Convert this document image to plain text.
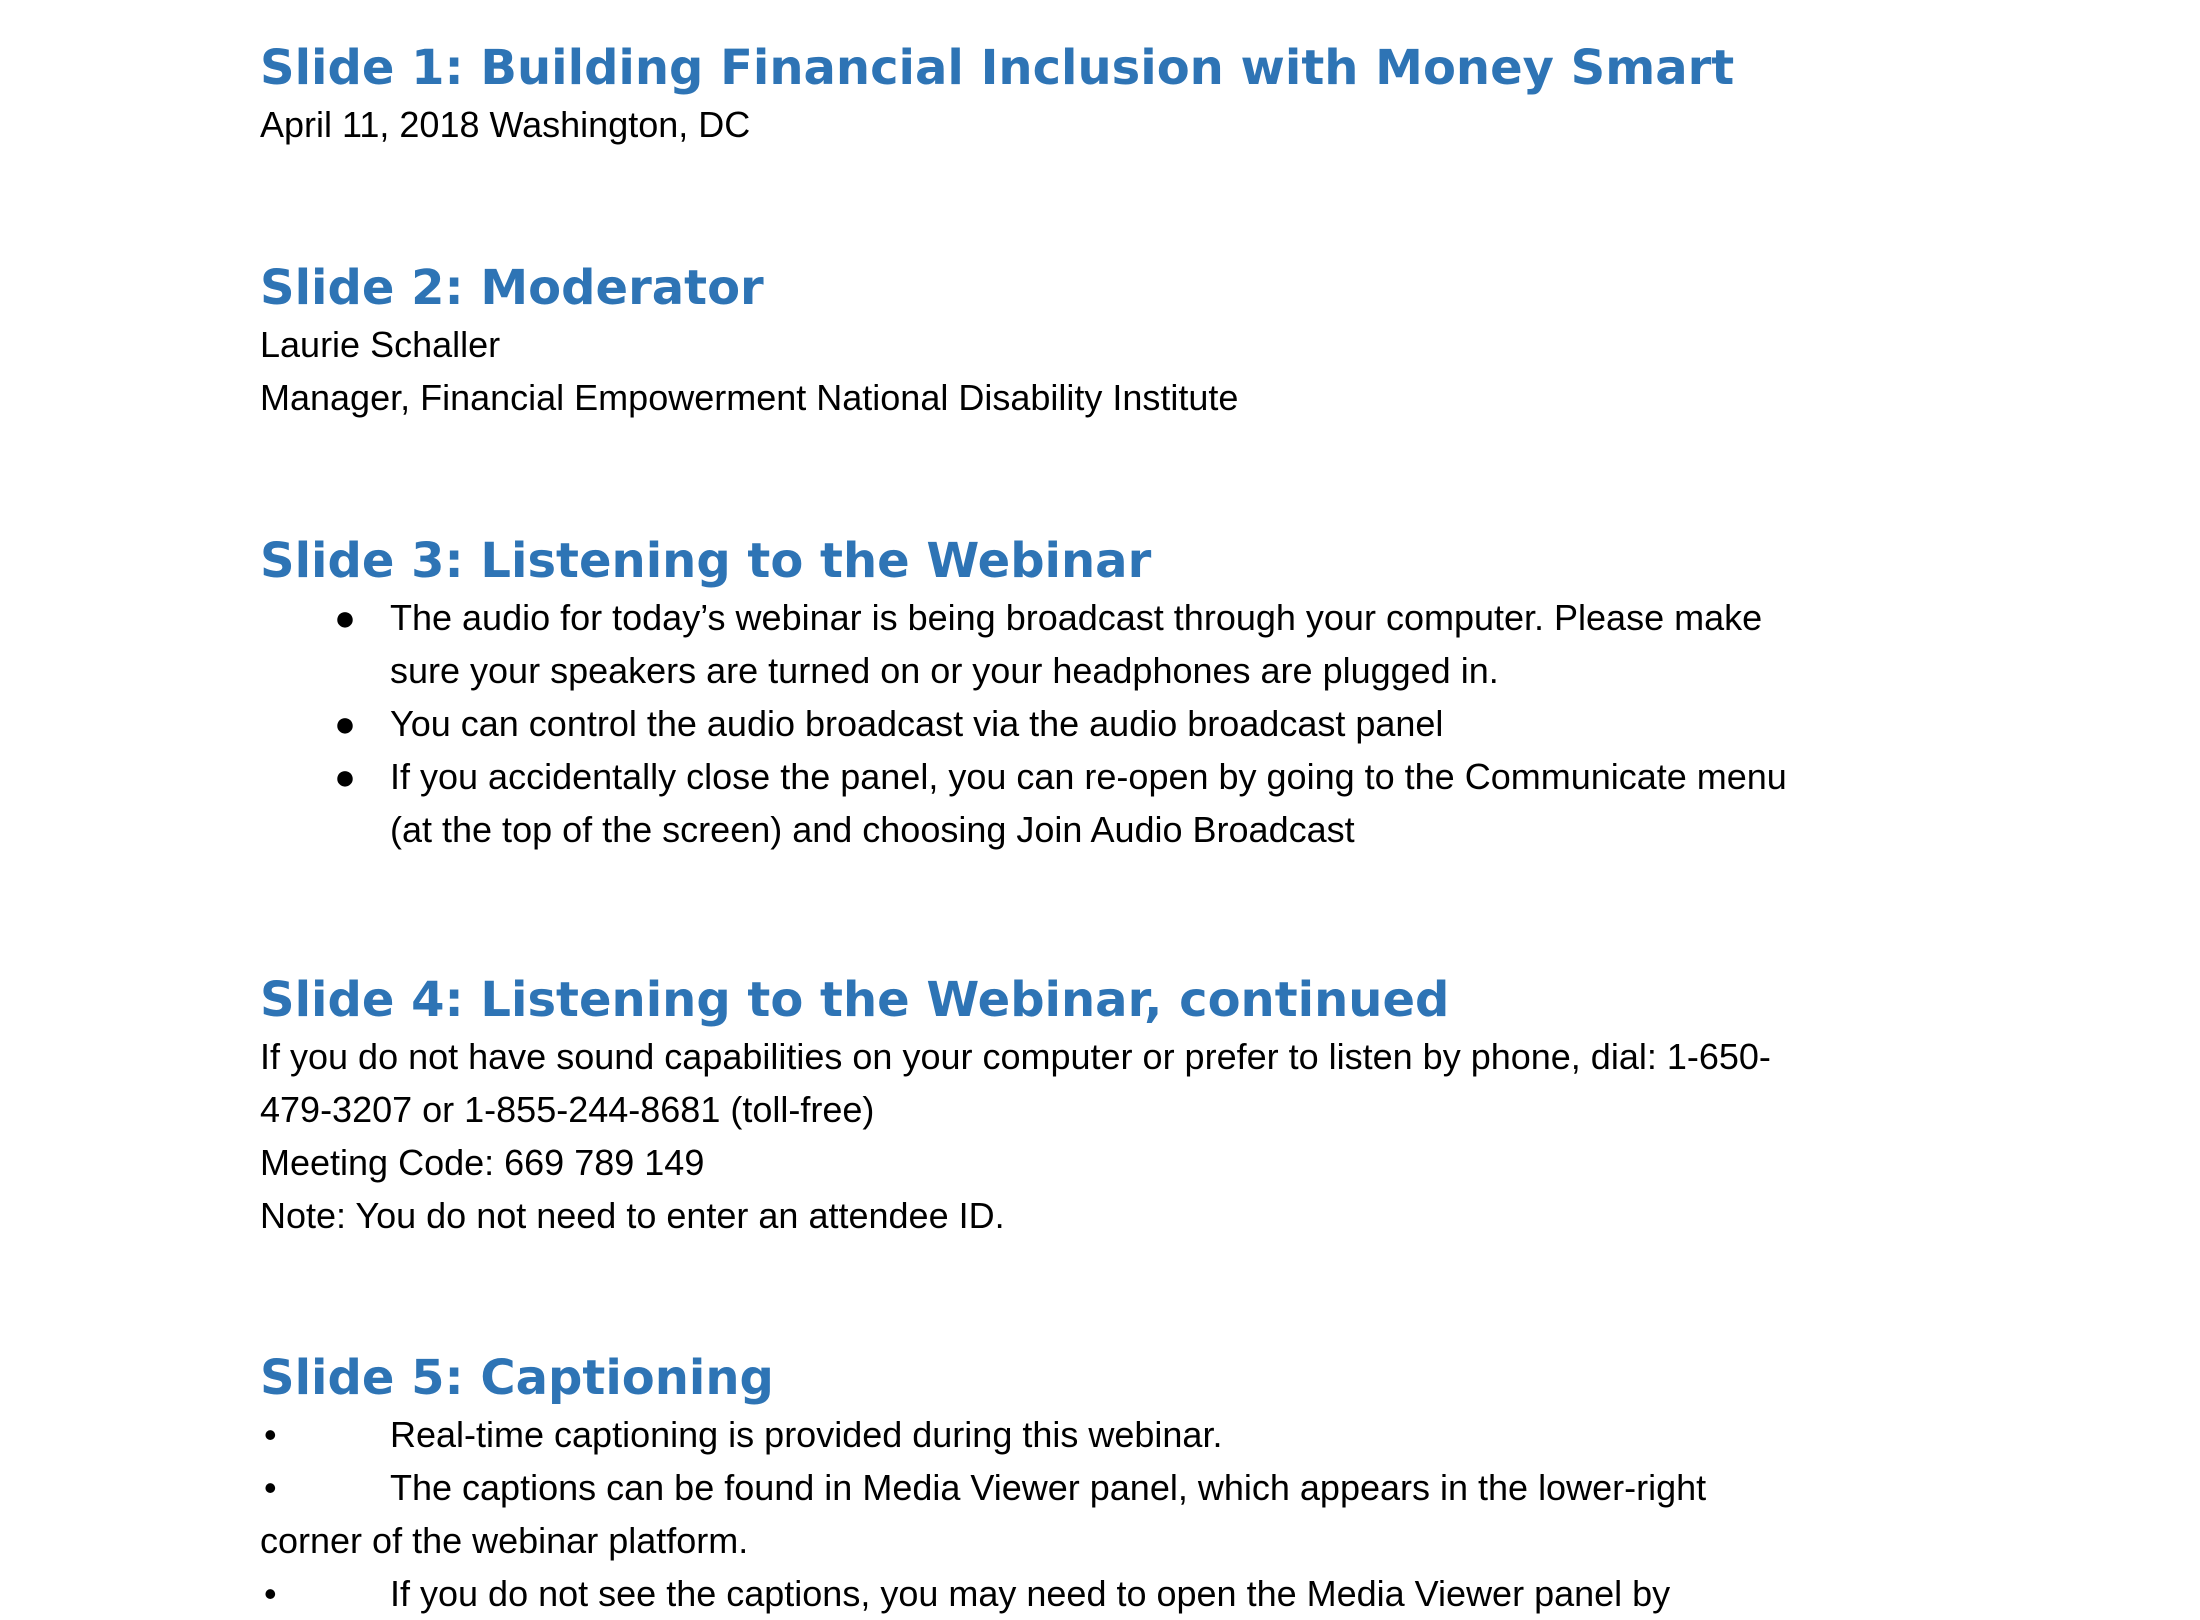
Slide 1: Building Financial Inclusion with Money Smart

April 11, 2018 Washington, DC

Slide 2: Moderator

Laurie Schaller

Manager, Financial Empowerment National Disability Institute

Slide 3: Listening to the Webinar
● The audio for today’s webinar is being broadcast through your computer. Please make
sure your speakers are turned on or your headphones are plugged in.
● You can control the audio broadcast via the audio broadcast panel
● If you accidentally close the panel, you can re-open by going to the Communicate menu
(at the top of the screen) and choosing Join Audio Broadcast
Slide 4: Listening to the Webinar, continued

If you do not have sound capabilities on your computer or prefer to listen by phone, dial: 1-650-

479-3207 or 1-855-244-8681 (toll-free)

Meeting Code: 669 789 149

Note: You do not need to enter an attendee ID.

Slide 5: Captioning
•	Real-time captioning is provided during this webinar.
•	The captions can be found in Media Viewer panel, which appears in the lower-right
corner of the webinar platform.
•	If you do not see the captions, you may need to open the Media Viewer panel by
